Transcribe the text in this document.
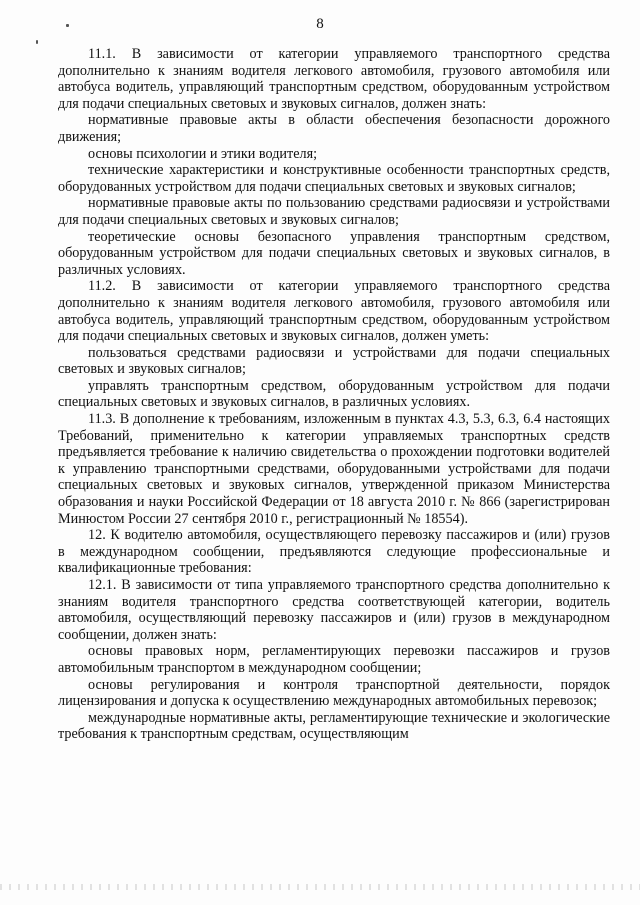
8

11.1. В зависимости от категории управляемого транспортного средства дополнительно к знаниям водителя легкового автомобиля, грузового автомобиля или автобуса водитель, управляющий транспортным средством, оборудованным устройством для подачи специальных световых и звуковых сигналов, должен знать:

нормативные правовые акты в области обеспечения безопасности дорожного движения;

основы психологии и этики водителя;

технические характеристики и конструктивные особенности транспортных средств, оборудованных устройством для подачи специальных световых и звуковых сигналов;

нормативные правовые акты по пользованию средствами радиосвязи и устройствами для подачи специальных световых и звуковых сигналов;

теоретические основы безопасного управления транспортным средством, оборудованным устройством для подачи специальных световых и звуковых сигналов, в различных условиях.

11.2. В зависимости от категории управляемого транспортного средства дополнительно к знаниям водителя легкового автомобиля, грузового автомобиля или автобуса водитель, управляющий транспортным средством, оборудованным устройством для подачи специальных световых и звуковых сигналов, должен уметь:

пользоваться средствами радиосвязи и устройствами для подачи специальных световых и звуковых сигналов;

управлять транспортным средством, оборудованным устройством для подачи специальных световых и звуковых сигналов, в различных условиях.

11.3. В дополнение к требованиям, изложенным в пунктах 4.3, 5.3, 6.3, 6.4 настоящих Требований, применительно к категории управляемых транспортных средств предъявляется требование к наличию свидетельства о прохождении подготовки водителей к управлению транспортными средствами, оборудованными устройствами для подачи специальных световых и звуковых сигналов, утвержденной приказом Министерства образования и науки Российской Федерации от 18 августа 2010 г. № 866 (зарегистрирован Минюстом России 27 сентября 2010 г., регистрационный № 18554).

12. К водителю автомобиля, осуществляющего перевозку пассажиров и (или) грузов в международном сообщении, предъявляются следующие профессиональные и квалификационные требования:

12.1. В зависимости от типа управляемого транспортного средства дополнительно к знаниям водителя транспортного средства соответствующей категории, водитель автомобиля, осуществляющий перевозку пассажиров и (или) грузов в международном сообщении, должен знать:

основы правовых норм, регламентирующих перевозки пассажиров и грузов автомобильным транспортом в международном сообщении;

основы регулирования и контроля транспортной деятельности, порядок лицензирования и допуска к осуществлению международных автомобильных перевозок;

международные нормативные акты, регламентирующие технические и экологические требования к транспортным средствам, осуществляющим
